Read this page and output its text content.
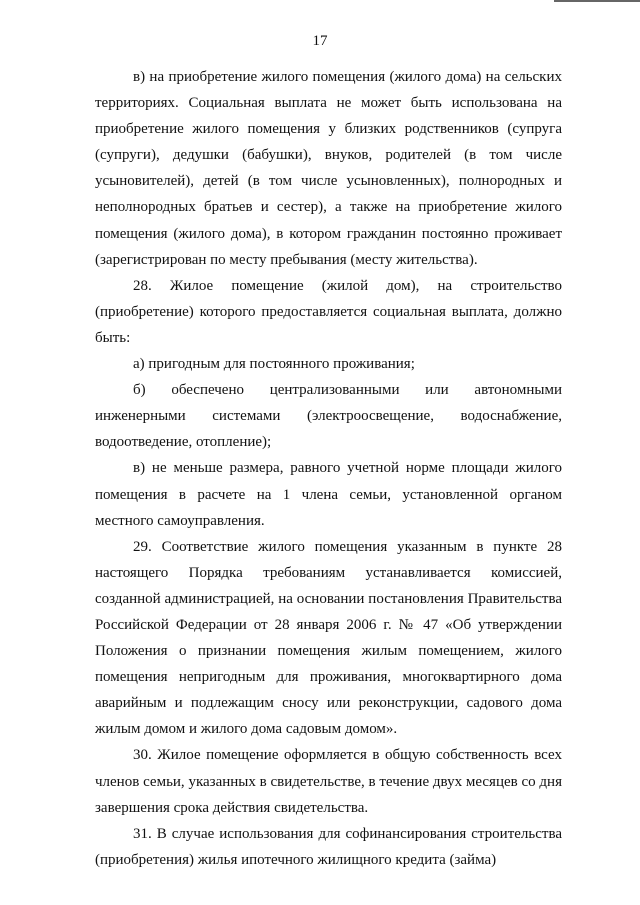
17

в) на приобретение жилого помещения (жилого дома) на сельских территориях. Социальная выплата не может быть использована на приобретение жилого помещения у близких родственников (супруга (супруги), дедушки (бабушки), внуков, родителей (в том числе усыновителей), детей (в том числе усыновленных), полнородных и неполнородных братьев и сестер), а также на приобретение жилого помещения (жилого дома), в котором гражданин постоянно проживает (зарегистрирован по месту пребывания (месту жительства).

28. Жилое помещение (жилой дом), на строительство (приобретение) которого предоставляется социальная выплата, должно быть:

а) пригодным для постоянного проживания;

б) обеспечено централизованными или автономными инженерными системами (электроосвещение, водоснабжение, водоотведение, отопление);

в) не меньше размера, равного учетной норме площади жилого помещения в расчете на 1 члена семьи, установленной органом местного самоуправления.

29. Соответствие жилого помещения указанным в пункте 28 настоящего Порядка требованиям устанавливается комиссией, созданной администрацией, на основании постановления Правительства Российской Федерации от 28 января 2006 г. № 47 «Об утверждении Положения о признании помещения жилым помещением, жилого помещения непригодным для проживания, многоквартирного дома аварийным и подлежащим сносу или реконструкции, садового дома жилым домом и жилого дома садовым домом».

30. Жилое помещение оформляется в общую собственность всех членов семьи, указанных в свидетельстве, в течение двух месяцев со дня завершения срока действия свидетельства.

31. В случае использования для софинансирования строительства (приобретения) жилья ипотечного жилищного кредита (займа)
